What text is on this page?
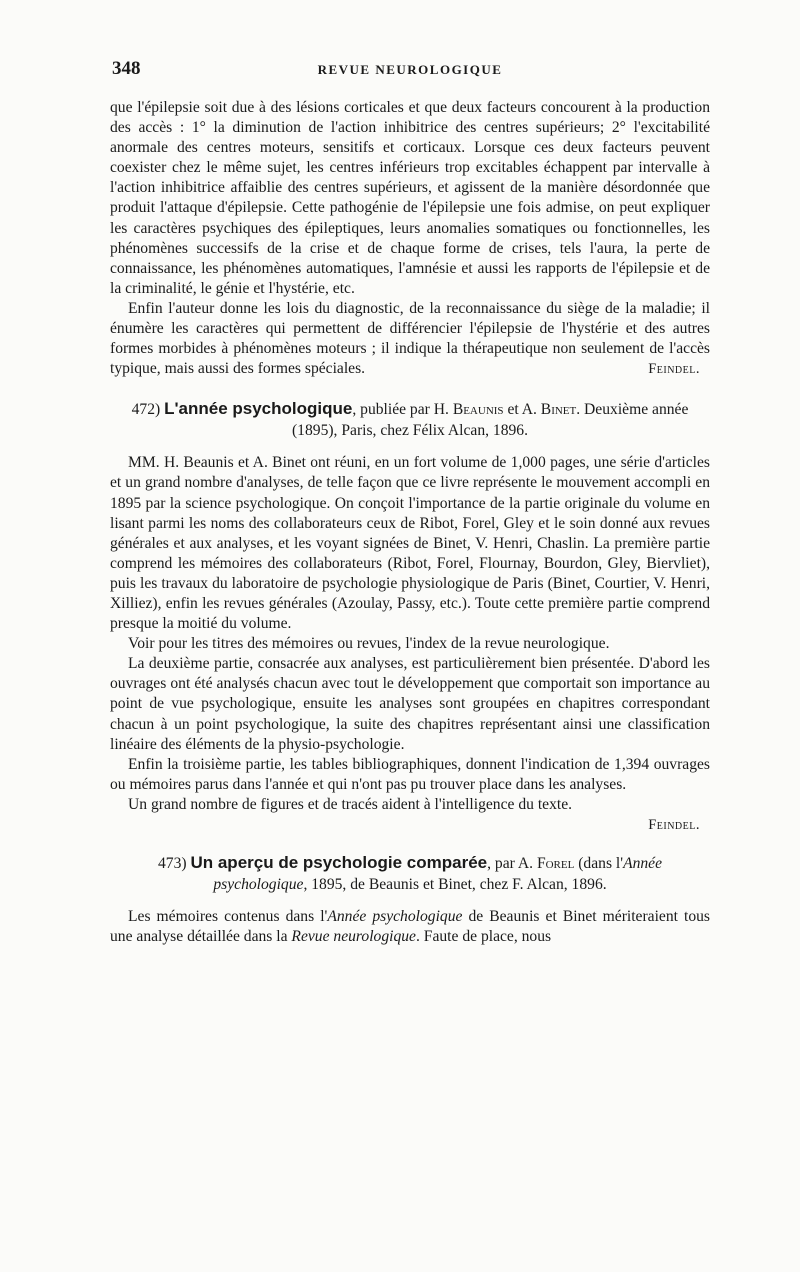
348	REVUE NEUROLOGIQUE

que l'épilepsie soit due à des lésions corticales et que deux facteurs concourent à la production des accès : 1° la diminution de l'action inhibitrice des centres supérieurs; 2° l'excitabilité anormale des centres moteurs, sensitifs et corticaux. Lorsque ces deux facteurs peuvent coexister chez le même sujet, les centres inférieurs trop excitables échappent par intervalle à l'action inhibitrice affaiblie des centres supérieurs, et agissent de la manière désordonnée que produit l'attaque d'épilepsie. Cette pathogénie de l'épilepsie une fois admise, on peut expliquer les caractères psychiques des épileptiques, leurs anomalies somatiques ou fonctionnelles, les phénomènes successifs de la crise et de chaque forme de crises, tels l'aura, la perte de connaissance, les phénomènes automatiques, l'amnésie et aussi les rapports de l'épilepsie et de la criminalité, le génie et l'hystérie, etc.

Enfin l'auteur donne les lois du diagnostic, de la reconnaissance du siège de la maladie; il énumère les caractères qui permettent de différencier l'épilepsie de l'hystérie et des autres formes morbides à phénomènes moteurs ; il indique la thérapeutique non seulement de l'accès typique, mais aussi des formes spéciales.	Feindel.

472) L'année psychologique, publiée par H. Beaunis et A. Binet. Deuxième année (1895), Paris, chez Félix Alcan, 1896.

MM. H. Beaunis et A. Binet ont réuni, en un fort volume de 1,000 pages, une série d'articles et un grand nombre d'analyses, de telle façon que ce livre représente le mouvement accompli en 1895 par la science psychologique. On conçoit l'importance de la partie originale du volume en lisant parmi les noms des collaborateurs ceux de Ribot, Forel, Gley et le soin donné aux revues générales et aux analyses, et les voyant signées de Binet, V. Henri, Chaslin. La première partie comprend les mémoires des collaborateurs (Ribot, Forel, Flournay, Bourdon, Gley, Biervliet), puis les travaux du laboratoire de psychologie physiologique de Paris (Binet, Courtier, V. Henri, Xilliez), enfin les revues générales (Azoulay, Passy, etc.). Toute cette première partie comprend presque la moitié du volume.

Voir pour les titres des mémoires ou revues, l'index de la revue neurologique.

La deuxième partie, consacrée aux analyses, est particulièrement bien présentée. D'abord les ouvrages ont été analysés chacun avec tout le développement que comportait son importance au point de vue psychologique, ensuite les analyses sont groupées en chapitres correspondant chacun à un point psychologique, la suite des chapitres représentant ainsi une classification linéaire des éléments de la physio-psychologie.

Enfin la troisième partie, les tables bibliographiques, donnent l'indication de 1,394 ouvrages ou mémoires parus dans l'année et qui n'ont pas pu trouver place dans les analyses.

Un grand nombre de figures et de tracés aident à l'intelligence du texte.

Feindel.

473) Un aperçu de psychologie comparée, par A. Forel (dans l'Année psychologique, 1895, de Beaunis et Binet, chez F. Alcan, 1896.

Les mémoires contenus dans l'Année psychologique de Beaunis et Binet mériteraient tous une analyse détaillée dans la Revue neurologique. Faute de place, nous
